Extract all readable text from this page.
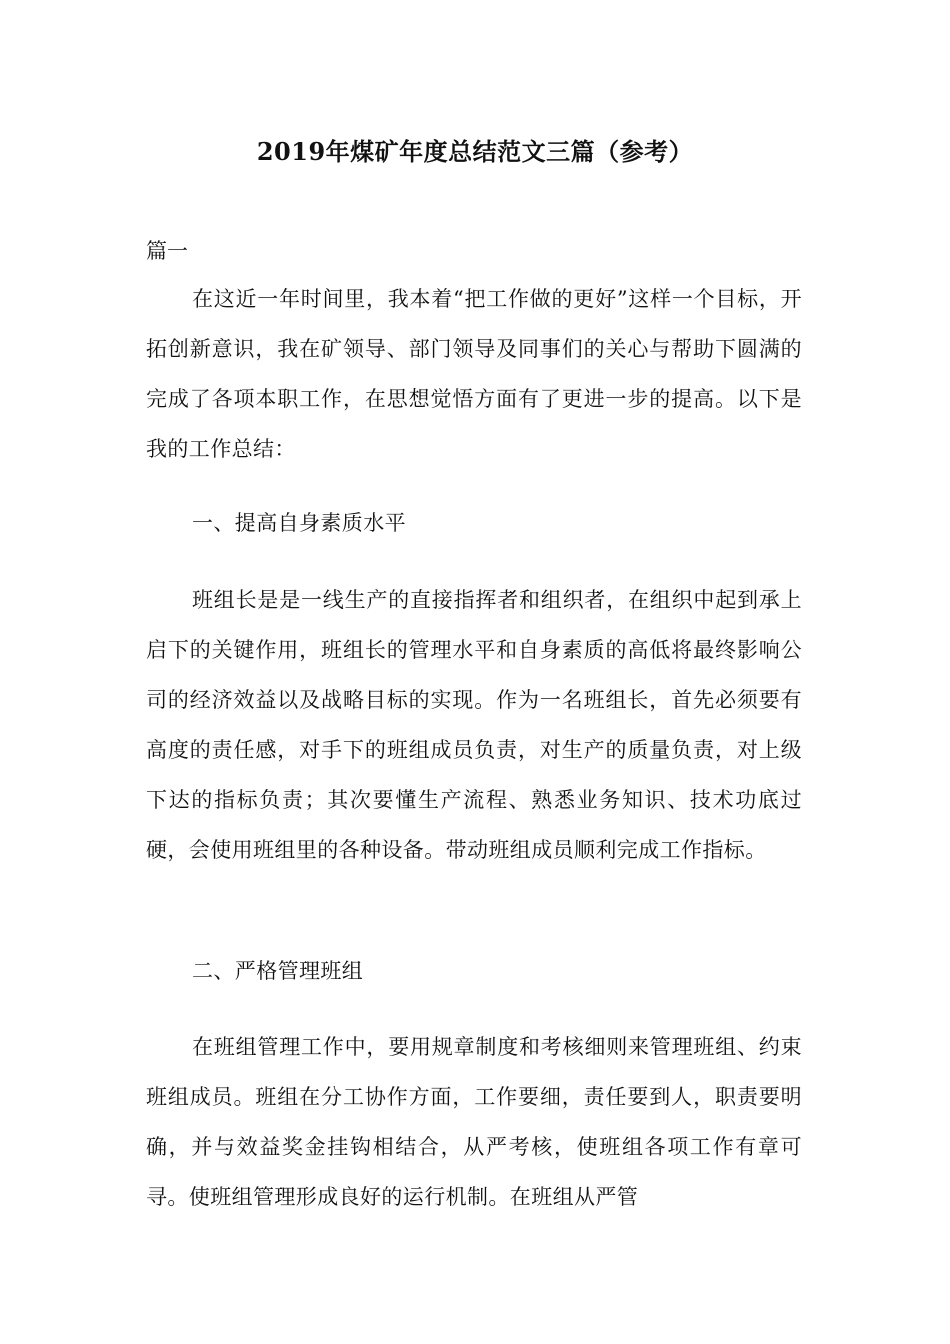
2019年煤矿年度总结范文三篇（参考）
篇一

在这近一年时间里，我本着“把工作做的更好”这样一个目标，开拓创新意识，我在矿领导、部门领导及同事们的关心与帮助下圆满的完成了各项本职工作，在思想觉悟方面有了更进一步的提高。以下是我的工作总结：

一、提高自身素质水平

班组长是是一线生产的直接指挥者和组织者，在组织中起到承上启下的关键作用，班组长的管理水平和自身素质的高低将最终影响公司的经济效益以及战略目标的实现。作为一名班组长，首先必须要有高度的责任感，对手下的班组成员负责，对生产的质量负责，对上级下达的指标负责；其次要懂生产流程、熟悉业务知识、技术功底过硬，会使用班组里的各种设备。带动班组成员顺利完成工作指标。

二、严格管理班组

在班组管理工作中，要用规章制度和考核细则来管理班组、约束班组成员。班组在分工协作方面，工作要细，责任要到人，职责要明确，并与效益奖金挂钩相结合，从严考核，使班组各项工作有章可寻。使班组管理形成良好的运行机制。在班组从严管
